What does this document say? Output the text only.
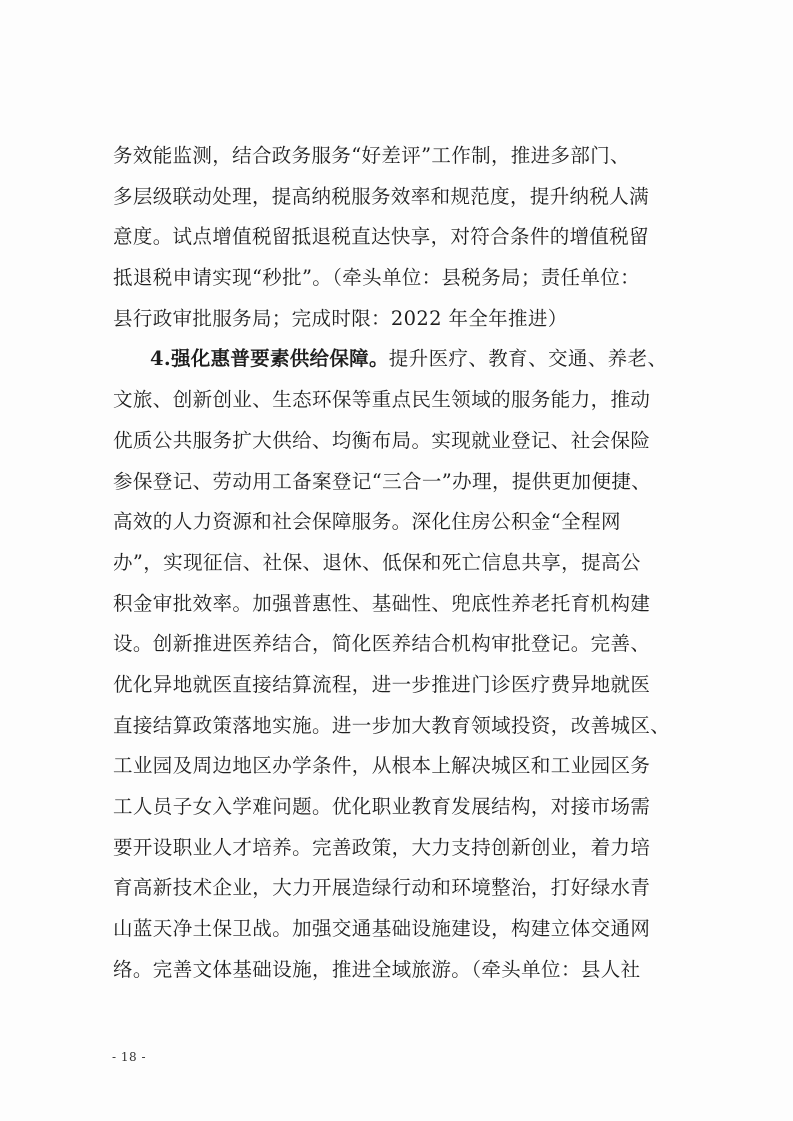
务效能监测，结合政务服务“好差评”工作制，推进多部门、
多层级联动处理，提高纳税服务效率和规范度，提升纳税人满
意度。试点增值税留抵退税直达快享，对符合条件的增值税留
抵退税申请实现“秒批”。（牵头单位：县税务局；责任单位：
县行政审批服务局；完成时限：2022 年全年推进）
4.强化惠普要素供给保障。提升医疗、教育、交通、养老、
文旅、创新创业、生态环保等重点民生领域的服务能力，推动
优质公共服务扩大供给、均衡布局。实现就业登记、社会保险
参保登记、劳动用工备案登记“三合一”办理，提供更加便捷、
高效的人力资源和社会保障服务。深化住房公积金“全程网
办”，实现征信、社保、退休、低保和死亡信息共享，提高公
积金审批效率。加强普惠性、基础性、兜底性养老托育机构建
设。创新推进医养结合，简化医养结合机构审批登记。完善、
优化异地就医直接结算流程，进一步推进门诊医疗费异地就医
直接结算政策落地实施。进一步加大教育领域投资，改善城区、
工业园及周边地区办学条件，从根本上解决城区和工业园区务
工人员子女入学难问题。优化职业教育发展结构，对接市场需
要开设职业人才培养。完善政策，大力支持创新创业，着力培
育高新技术企业，大力开展造绿行动和环境整治，打好绿水青
山蓝天净土保卫战。加强交通基础设施建设，构建立体交通网
络。完善文体基础设施，推进全域旅游。（牵头单位：县人社
- 18 -
